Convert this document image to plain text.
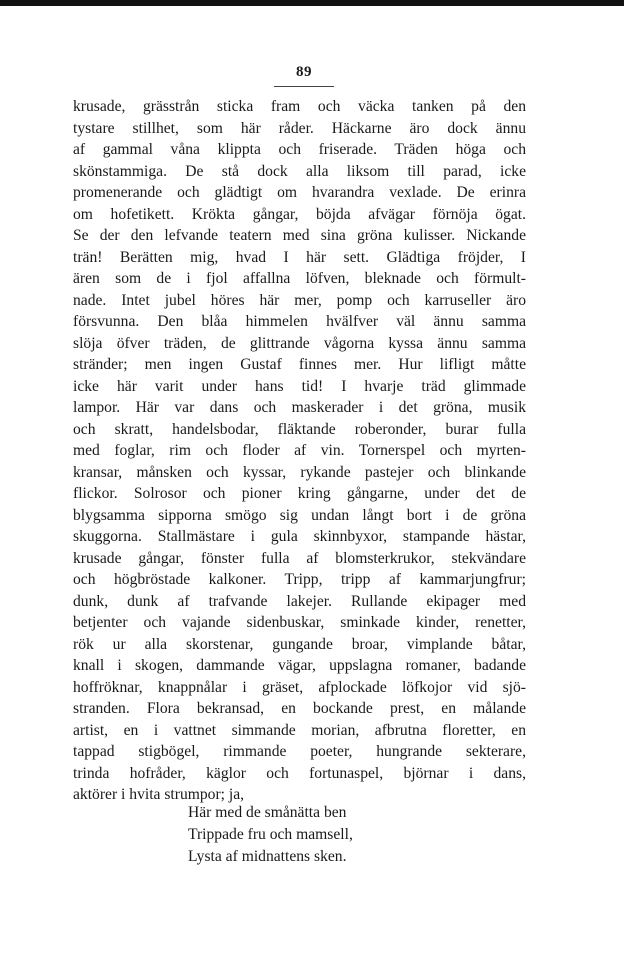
89
krusade, grässtrån sticka fram och väcka tanken på den
tystare stillhet, som här råder. Häckarne äro dock ännu
af gammal våna klippta och friserade. Träden höga och
skönstammiga. De stå dock alla liksom till parad, icke
promenerande och glädtigt om hvarandra vexlade. De erinra
om hofetikett. Krökta gångar, böjda afvägar förnöja ögat.
Se der den lefvande teatern med sina gröna kulisser. Nickande
trän! Berätten mig, hvad I här sett. Glädtiga fröjder, I
ären som de i fjol affallna löfven, bleknade och förmult-
nade. Intet jubel höres här mer, pomp och karruseller äro
försvunna. Den blåa himmelen hvälfver väl ännu samma
slöja öfver träden, de glittrande vågorna kyssa ännu samma
stränder; men ingen Gustaf finnes mer. Hur lifligt måtte
icke här varit under hans tid! I hvarje träd glimmade
lampor. Här var dans och maskerader i det gröna, musik
och skratt, handelsbodar, fläktande roberonder, burar fulla
med foglar, rim och floder af vin. Tornerspel och myrten-
kransar, månsken och kyssar, rykande pastejer och blinkande
flickor. Solrosor och pioner kring gångarne, under det de
blygsamma sipporna smögo sig undan långt bort i de gröna
skuggorna. Stallmästare i gula skinnbyxor, stampande hästar,
krusade gångar, fönster fulla af blomsterkrukor, stekvändare
och högbröstade kalkoner. Tripp, tripp af kammarjungfrur;
dunk, dunk af trafvande lakejer. Rullande ekipager med
betjenter och vajande sidenbuskar, sminkade kinder, renetter,
rök ur alla skorstenar, gungande broar, vimplande båtar,
knall i skogen, dammande vägar, uppslagna romaner, badande
hoffröknar, knappnålar i gräset, afplockade löfkojor vid sjö-
stranden. Flora bekransad, en bockande prest, en målande
artist, en i vattnet simmande morian, afbrutna floretter, en
tappad stigbögel, rimmande poeter, hungrande sekterare,
trinda hofråder, käglor och fortunaspel, björnar i dans,
aktörer i hvita strumpor; ja,
Här med de smånätta ben
Trippade fru och mamsell,
Lysta af midnattens sken.
